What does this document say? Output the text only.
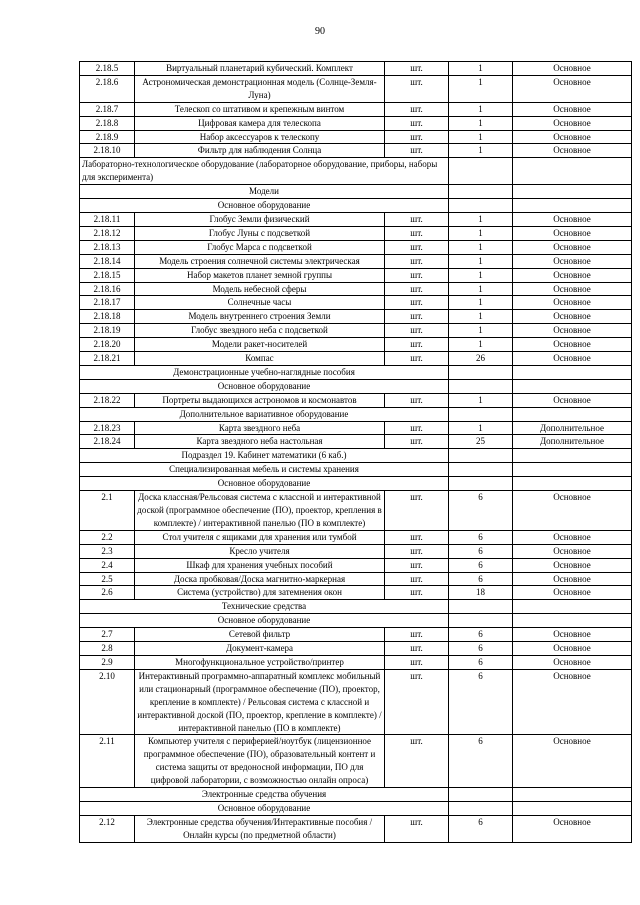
90
2.18.5	Виртуальный планетарий кубический. Комплект	шт.	1	Основное
2.18.6	Астрономическая демонстрационная модель (Солнце-Земля-Луна)	шт.	1	Основное
2.18.7	Телескоп со штативом и крепежным винтом	шт.	1	Основное
2.18.8	Цифровая камера для телескопа	шт.	1	Основное
2.18.9	Набор аксессуаров к телескопу	шт.	1	Основное
2.18.10	Фильтр для наблюдения Солнца	шт.	1	Основное
Лабораторно-технологическое оборудование (лабораторное оборудование, приборы, наборы для эксперимента)				
Модели				
Основное оборудование				
2.18.11	Глобус Земли физический	шт.	1	Основное
2.18.12	Глобус Луны с подсветкой	шт.	1	Основное
2.18.13	Глобус Марса с подсветкой	шт.	1	Основное
2.18.14	Модель строения солнечной системы электрическая	шт.	1	Основное
2.18.15	Набор макетов планет земной группы	шт.	1	Основное
2.18.16	Модель небесной сферы	шт.	1	Основное
2.18.17	Солнечные часы	шт.	1	Основное
2.18.18	Модель внутреннего строения Земли	шт.	1	Основное
2.18.19	Глобус звездного неба с подсветкой	шт.	1	Основное
2.18.20	Модели ракет-носителей	шт.	1	Основное
2.18.21	Компас	шт.	26	Основное
Демонстрационные учебно-наглядные пособия				
Основное оборудование				
2.18.22	Портреты выдающихся астрономов и космонавтов	шт.	1	Основное
Дополнительное вариативное оборудование				
2.18.23	Карта звездного неба	шт.	1	Дополнительное
2.18.24	Карта звездного неба настольная	шт.	25	Дополнительное
Подраздел 19. Кабинет математики (6 каб.)				
Специализированная мебель и системы хранения				
Основное оборудование				
2.1	Доска классная/Рельсовая система с классной и интерактивной доской (программное обеспечение (ПО), проектор, крепления в комплекте) / интерактивной панелью (ПО в комплекте)	шт.	6	Основное
2.2	Стол учителя с ящиками для хранения или тумбой	шт.	6	Основное
2.3	Кресло учителя	шт.	6	Основное
2.4	Шкаф для хранения учебных пособий	шт.	6	Основное
2.5	Доска пробковая/Доска магнитно-маркерная	шт.	6	Основное
2.6	Система (устройство) для затемнения окон	шт.	18	Основное
Технические средства				
Основное оборудование				
2.7	Сетевой фильтр	шт.	6	Основное
2.8	Документ-камера	шт.	6	Основное
2.9	Многофункциональное устройство/принтер	шт.	6	Основное
2.10	Интерактивный программно-аппаратный комплекс мобильный или стационарный (программное обеспечение (ПО), проектор, крепление в комплекте) / Рельсовая система с классной и интерактивной доской (ПО, проектор, крепление в комплекте) / интерактивной панелью (ПО в комплекте)	шт.	6	Основное
2.11	Компьютер учителя с периферией/ноутбук (лицензионное программное обеспечение (ПО), образовательный контент и система защиты от вредоносной информации, ПО для цифровой лаборатории, с возможностью онлайн опроса)	шт.	6	Основное
Электронные средства обучения				
Основное оборудование				
2.12	Электронные средства обучения/Интерактивные пособия / Онлайн курсы (по предметной области)	шт.	6	Основное
